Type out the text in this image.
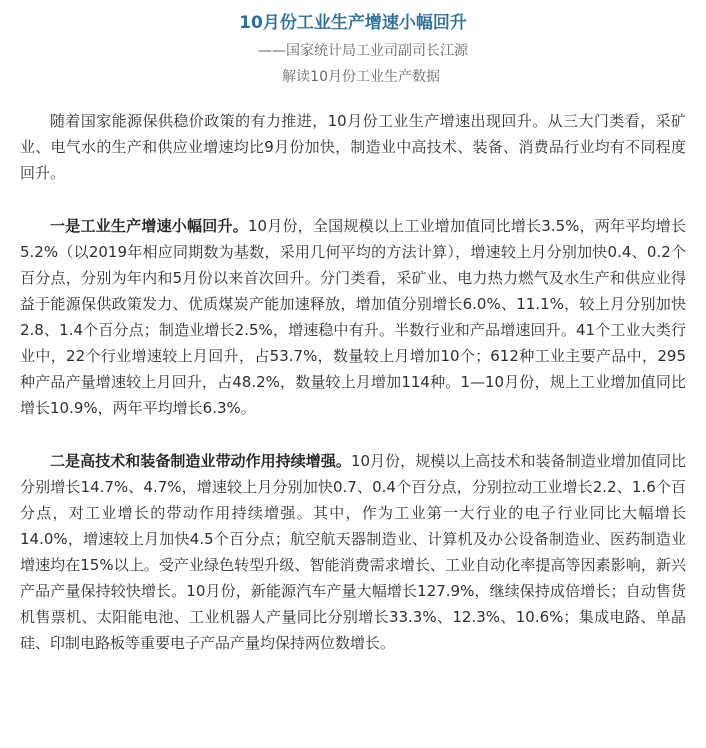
10月份工业生产增速小幅回升

——国家统计局工业司副司长江源

解读10月份工业生产数据

随着国家能源保供稳价政策的有力推进，10月份工业生产增速出现回升。从三大门类看，采矿业、电气水的生产和供应业增速均比9月份加快，制造业中高技术、装备、消费品行业均有不同程度回升。

一是工业生产增速小幅回升。10月份，全国规模以上工业增加值同比增长3.5%，两年平均增长5.2%（以2019年相应同期数为基数，采用几何平均的方法计算），增速较上月分别加快0.4、0.2个百分点，分别为年内和5月份以来首次回升。分门类看，采矿业、电力热力燃气及水生产和供应业得益于能源保供政策发力、优质煤炭产能加速释放，增加值分别增长6.0%、11.1%，较上月分别加快2.8、1.4个百分点；制造业增长2.5%，增速稳中有升。半数行业和产品增速回升。41个工业大类行业中，22个行业增速较上月回升，占53.7%，数量较上月增加10个；612种工业主要产品中，295种产品产量增速较上月回升，占48.2%，数量较上月增加114种。1—10月份，规上工业增加值同比增长10.9%，两年平均增长6.3%。

二是高技术和装备制造业带动作用持续增强。10月份，规模以上高技术和装备制造业增加值同比分别增长14.7%、4.7%，增速较上月分别加快0.7、0.4个百分点，分别拉动工业增长2.2、1.6个百分点，对工业增长的带动作用持续增强。其中，作为工业第一大行业的电子行业同比大幅增长14.0%，增速较上月加快4.5个百分点；航空航天器制造业、计算机及办公设备制造业、医药制造业增速均在15%以上。受产业绿色转型升级、智能消费需求增长、工业自动化率提高等因素影响，新兴产品产量保持较快增长。10月份，新能源汽车产量大幅增长127.9%，继续保持成倍增长；自动售货机售票机、太阳能电池、工业机器人产量同比分别增长33.3%、12.3%、10.6%；集成电路、单晶硅、印制电路板等重要电子产品产量均保持两位数增长。
